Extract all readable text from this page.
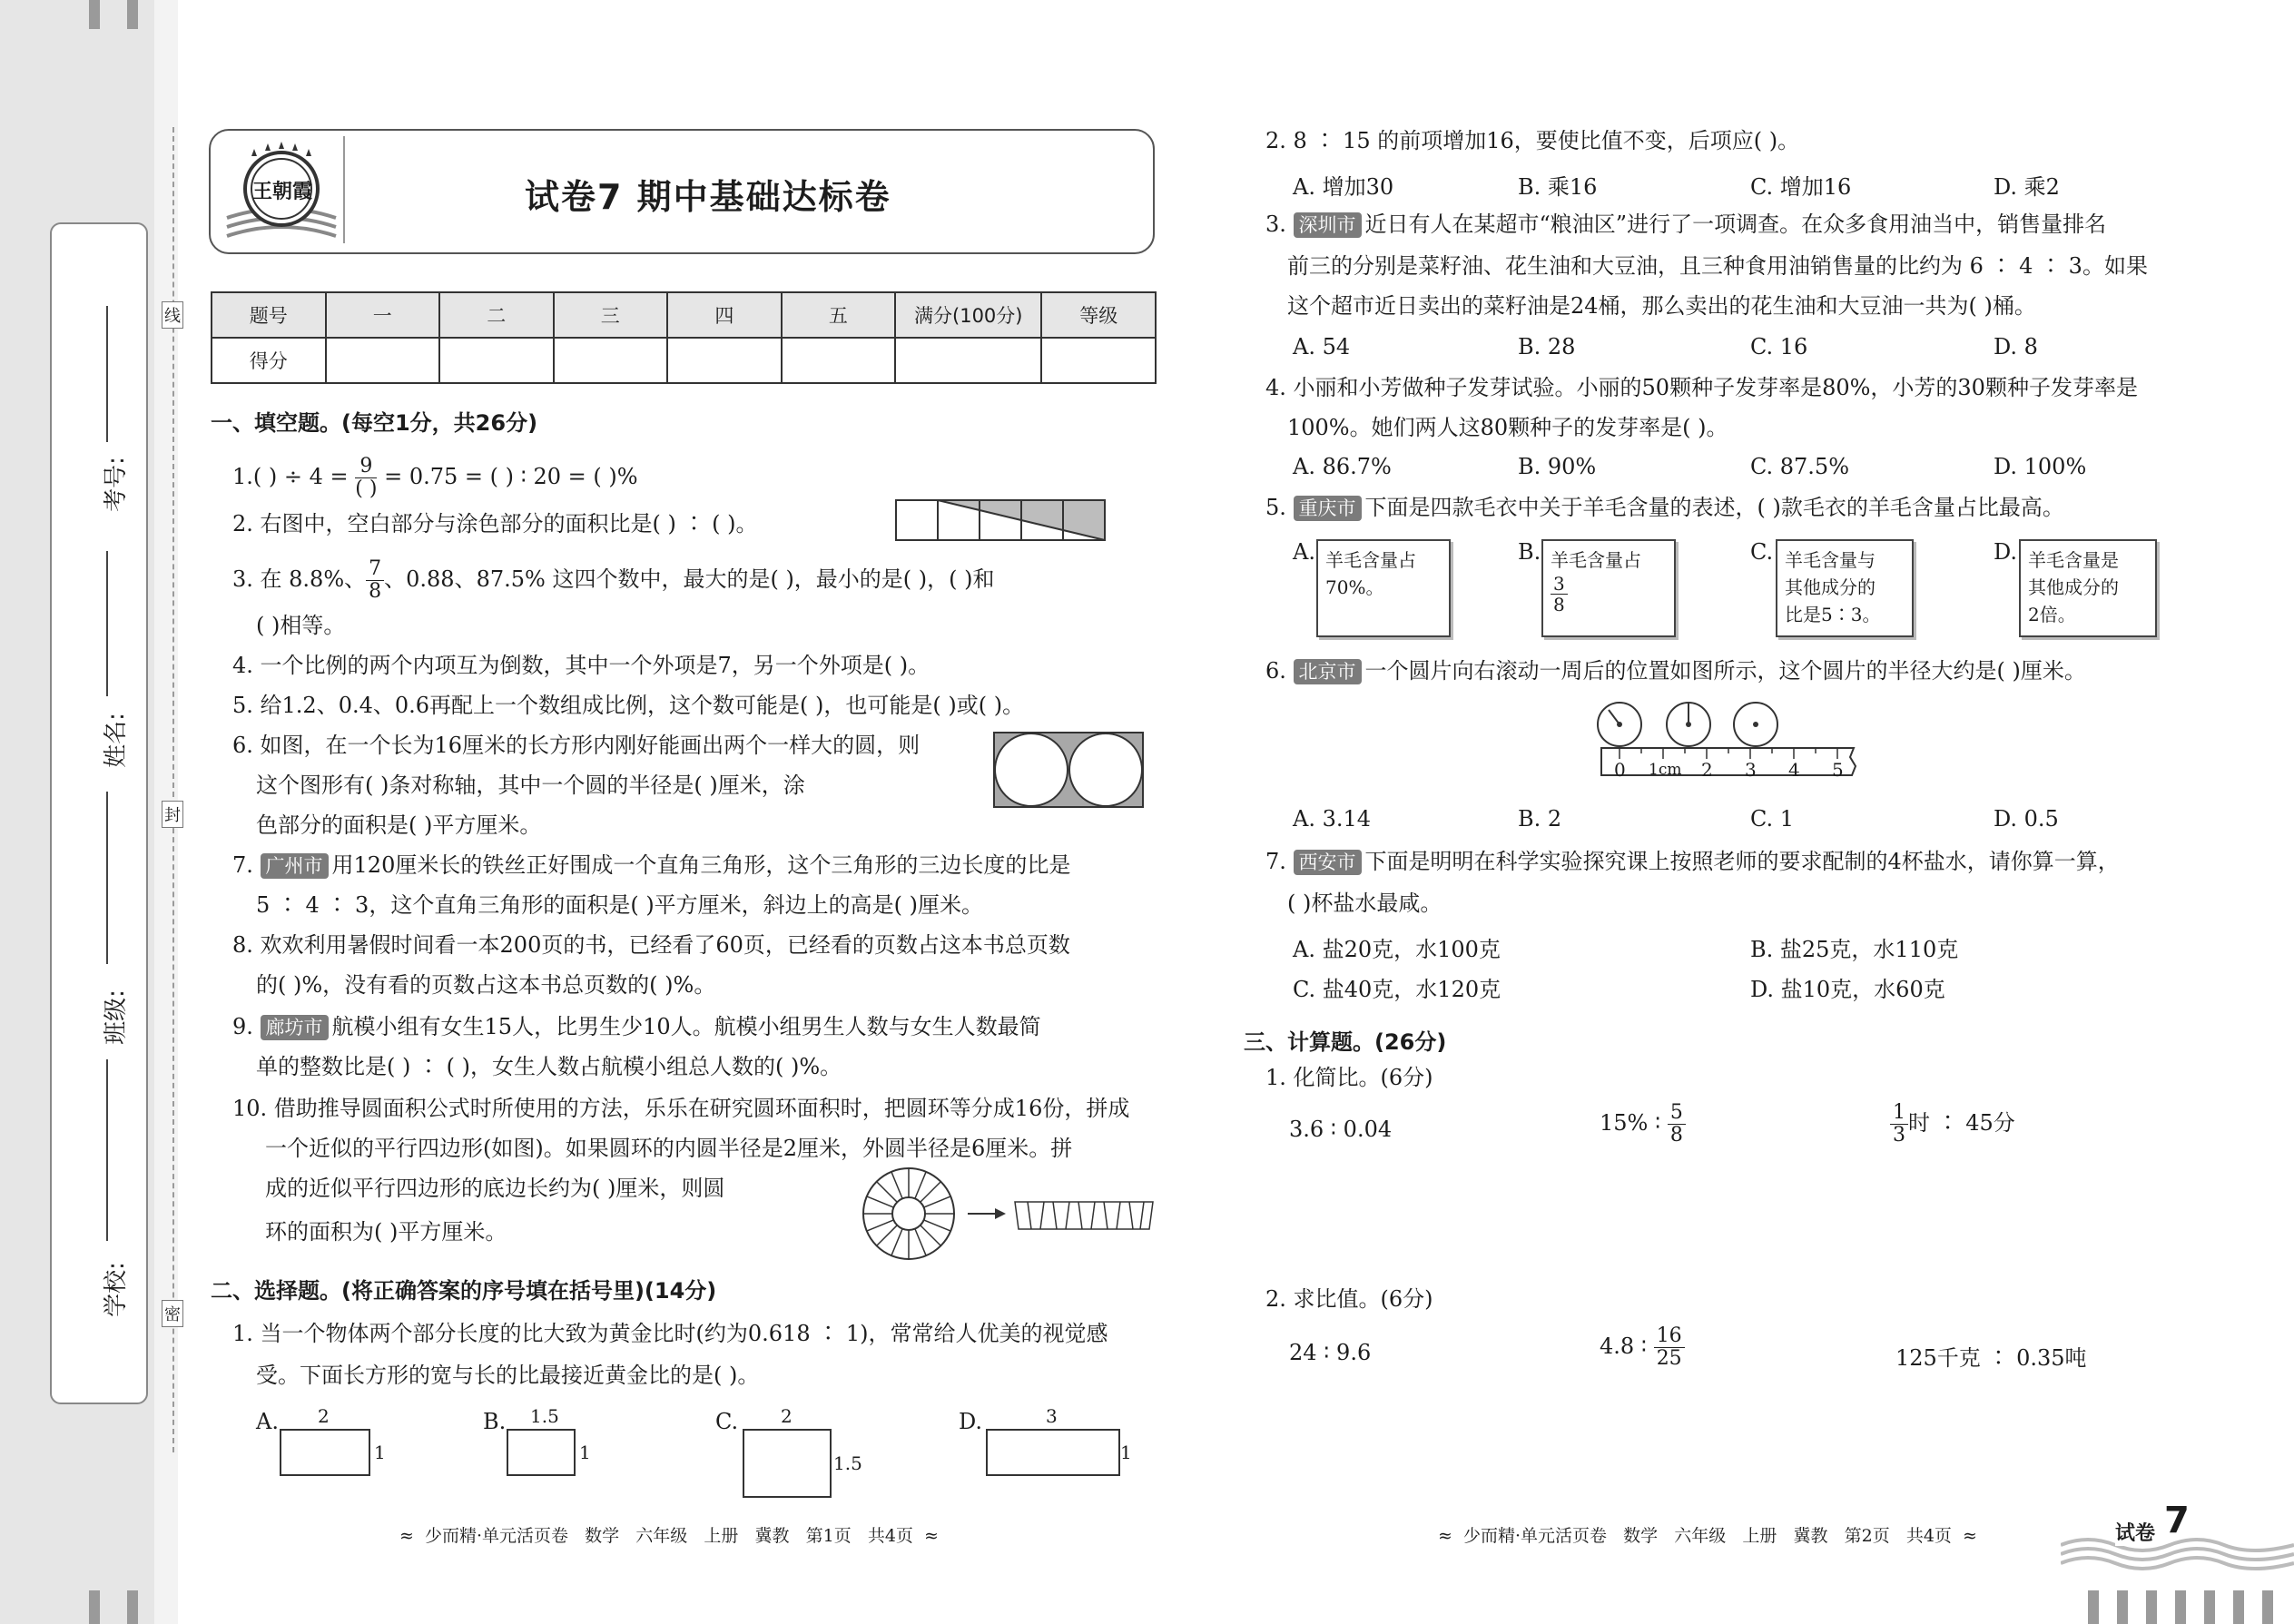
考号:
姓名:
班级:
学校:
线
封
密
王朝霞	试卷7 期中基础达标卷
题号	一	二	三	四	五	满分(100分)	等级
得分							
一、填空题。(每空1分，共26分)
1.( ) ÷ $4 = \frac{9}{( )} = 0.75$ = ( ) ∶ 20 = ( )%
2. 右图中，空白部分与涂色部分的面积比是( ) ∶ ( )。
3. 在 8.8%、 $\frac{7}{8}$ 、0.88、87.5% 这四个数中，最大的是( )，最小的是( )，( )和
( )相等。
4. 一个比例的两个内项互为倒数，其中一个外项是7，另一个外项是( )。
5. 给1.2、0.4、0.6再配上一个数组成比例，这个数可能是( )，也可能是( )或( )。
6. 如图，在一个长为16厘米的长方形内刚好能画出两个一样大的圆，则
这个图形有( )条对称轴，其中一个圆的半径是( )厘米，涂
色部分的面积是( )平方厘米。
7. 广州市 用120厘米长的铁丝正好围成一个直角三角形，这个三角形的三边长度的比是
5 ∶ 4 ∶ 3，这个直角三角形的面积是( )平方厘米，斜边上的高是( )厘米。
8. 欢欢利用暑假时间看一本200页的书，已经看了60页，已经看的页数占这本书总页数
的( )%，没有看的页数占这本书总页数的( )%。
9. 廊坊市 航模小组有女生15人，比男生少10人。航模小组男生人数与女生人数最简
单的整数比是( ) ∶ ( )，女生人数占航模小组总人数的( )%。
10. 借助推导圆面积公式时所使用的方法，乐乐在研究圆环面积时，把圆环等分成16份，拼成
一个近似的平行四边形(如图)。如果圆环的内圆半径是2厘米，外圆半径是6厘米。拼
成的近似平行四边形的底边长约为( )厘米，则圆
环的面积为( )平方厘米。
二、选择题。(将正确答案的序号填在括号里)(14分)
1. 当一个物体两个部分长度的比大致为黄金比时(约为0.618 ∶ 1)，常常给人优美的视觉感
受。下面长方形的宽与长的比最接近黄金比的是( )。
A. 2
1
B. 1.5
1
C. 2
1.5
D.	3
1
≈  少而精·单元活页卷   数学   六年级   上册   冀教   第1页   共4页  ≈
2. 8 ∶ 15 的前项增加16，要使比值不变，后项应( )。
A. 增加30	B. 乘16	C. 增加16	D. 乘2
3. 深圳市 近日有人在某超市“粮油区”进行了一项调查。在众多食用油当中，销售量排名
前三的分别是菜籽油、花生油和大豆油，且三种食用油销售量的比约为 6 ∶ 4 ∶ 3。如果
这个超市近日卖出的菜籽油是24桶，那么卖出的花生油和大豆油一共为( )桶。
A. 54	B. 28	C. 16	D. 8
4. 小丽和小芳做种子发芽试验。小丽的50颗种子发芽率是80%，小芳的30颗种子发芽率是
100%。她们两人这80颗种子的发芽率是( )。
A. 86.7%	B. 90%	C. 87.5%	D. 100%
5. 重庆市 下面是四款毛衣中关于羊毛含量的表述，( )款毛衣的羊毛含量占比最高。
A. 羊毛含量占
70%。
B. 羊毛含量占
$\frac{3}{8}$
C. 羊毛含量与
其他成分的
比是5∶3。
D. 羊毛含量是
其他成分的
2倍。
6. 北京市 一个圆片向右滚动一周后的位置如图所示，这个圆片的半径大约是( )厘米。
0 1cm 2 3 4 5
A. 3.14	B. 2	C. 1	D. 0.5
7. 西安市 下面是明明在科学实验探究课上按照老师的要求配制的4杯盐水，请你算一算，
( )杯盐水最咸。
A. 盐20克，水100克	B. 盐25克，水110克
C. 盐40克，水120克	D. 盐10克，水60克
三、计算题。(26分)
1. 化简比。(6分)
3.6 ∶ 0.04	15% ∶ $\frac{5}{8}$	$\frac{1}{3}$ 时 ∶ 45分
2. 求比值。(6分)
24 ∶ 9.6	4.8 ∶ $\frac{16}{25}$	125千克 ∶ 0.35吨
≈  少而精·单元活页卷   数学   六年级   上册   冀教   第2页   共4页  ≈	试卷 7
